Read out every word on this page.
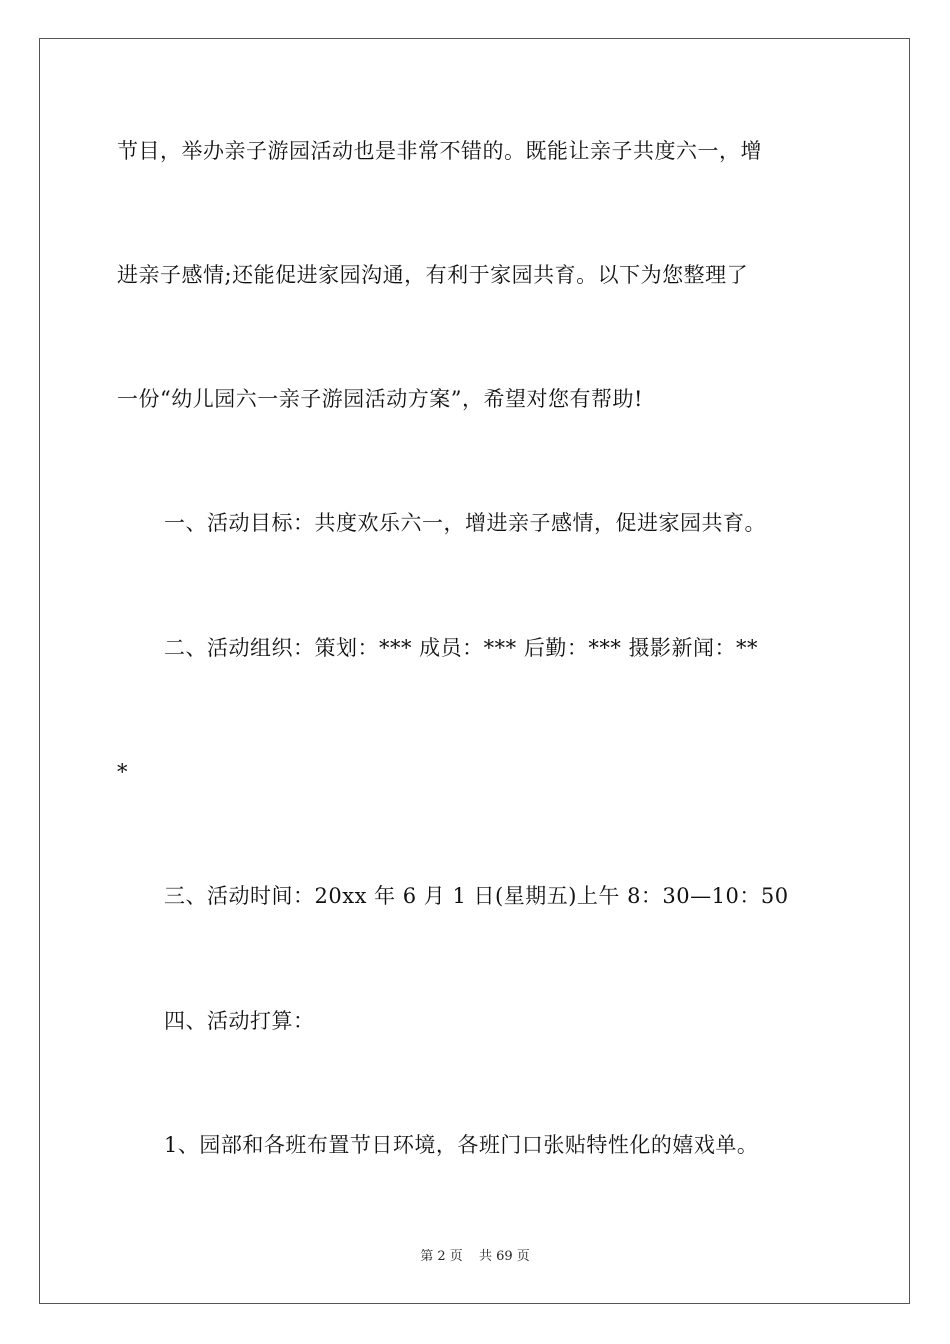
节目，举办亲子游园活动也是非常不错的。既能让亲子共度六一，增
进亲子感情;还能促进家园沟通，有利于家园共育。以下为您整理了
一份“幼儿园六一亲子游园活动方案”，希望对您有帮助!
一、活动目标：共度欢乐六一，增进亲子感情，促进家园共育。
二、活动组织：策划：*** 成员：*** 后勤：*** 摄影新闻：**
*
三、活动时间：20xx 年 6 月 1 日(星期五)上午 8：30—10：50
四、活动打算：
1、园部和各班布置节日环境，各班门口张贴特性化的嬉戏单。
第 2 页 共 69 页
